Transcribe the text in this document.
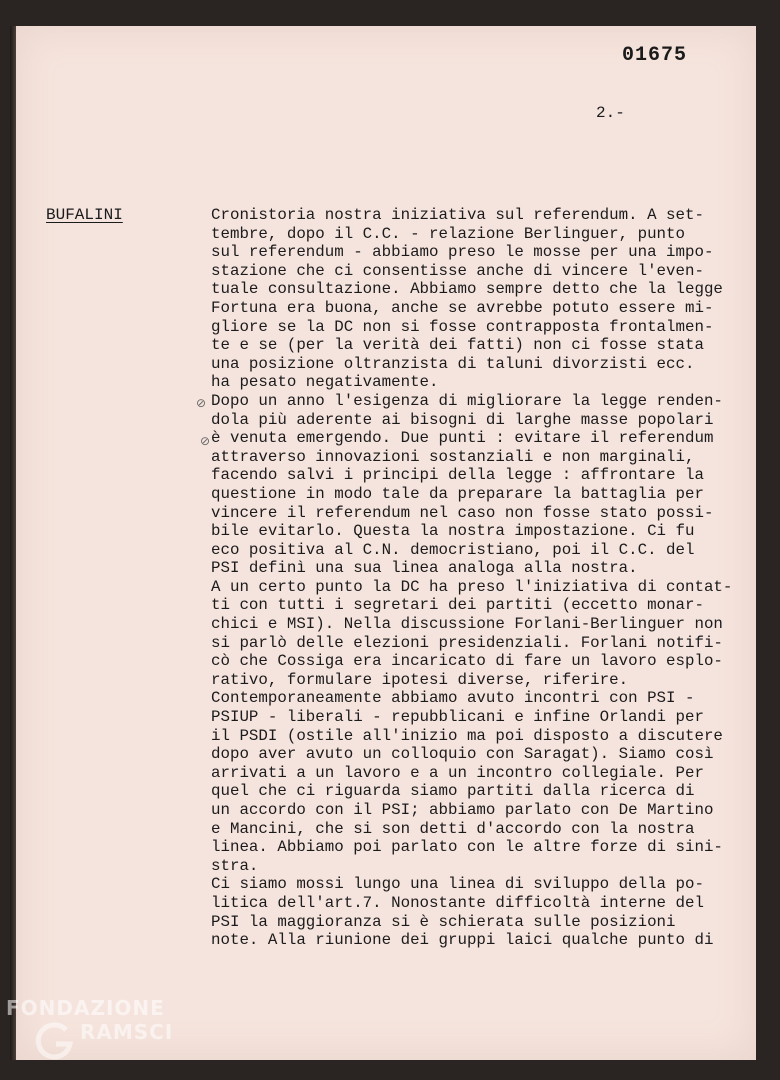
01675
2.-
BUFALINI	Cronistoria nostra iniziativa sul referendum. A set-
tembre, dopo il C.C. - relazione Berlinguer, punto
sul referendum - abbiamo preso le mosse per una impo-
stazione che ci consentisse anche di vincere l'even-
tuale consultazione. Abbiamo sempre detto che la legge
Fortuna era buona, anche se avrebbe potuto essere mi-
gliore se la DC non si fosse contrapposta frontalmen-
te e se (per la verità dei fatti) non ci fosse stata
una posizione oltranzista di taluni divorzisti ecc.
ha pesato negativamente.
Dopo un anno l'esigenza di migliorare la legge renden-
dola più aderente ai bisogni di larghe masse popolari
è venuta emergendo. Due punti : evitare il referendum
attraverso innovazioni sostanziali e non marginali,
facendo salvi i principi della legge : affrontare la
questione in modo tale da preparare la battaglia per
vincere il referendum nel caso non fosse stato possi-
bile evitarlo. Questa la nostra impostazione. Ci fu
eco positiva al C.N. democristiano, poi il C.C. del
PSI definì una sua linea analoga alla nostra.
A un certo punto la DC ha preso l'iniziativa di contat-
ti con tutti i segretari dei partiti (eccetto monar-
chici e MSI). Nella discussione Forlani-Berlinguer non
si parlò delle elezioni presidenziali. Forlani notifi-
cò che Cossiga era incaricato di fare un lavoro esplo-
rativo, formulare ipotesi diverse, riferire.
Contemporaneamente abbiamo avuto incontri con PSI -
PSIUP - liberali - repubblicani e infine Orlandi per
il PSDI (ostile all'inizio ma poi disposto a discutere
dopo aver avuto un colloquio con Saragat). Siamo così
arrivati a un lavoro e a un incontro collegiale. Per
quel che ci riguarda siamo partiti dalla ricerca di
un accordo con il PSI; abbiamo parlato con De Martino
e Mancini, che si son detti d'accordo con la nostra
linea. Abbiamo poi parlato con le altre forze di sini-
stra.
Ci siamo mossi lungo una linea di sviluppo della po-
litica dell'art.7. Nonostante difficoltà interne del
PSI la maggioranza si è schierata sulle posizioni
note. Alla riunione dei gruppi laici qualche punto di
⊘
⊘
FONDAZIONE
RAMSCI
